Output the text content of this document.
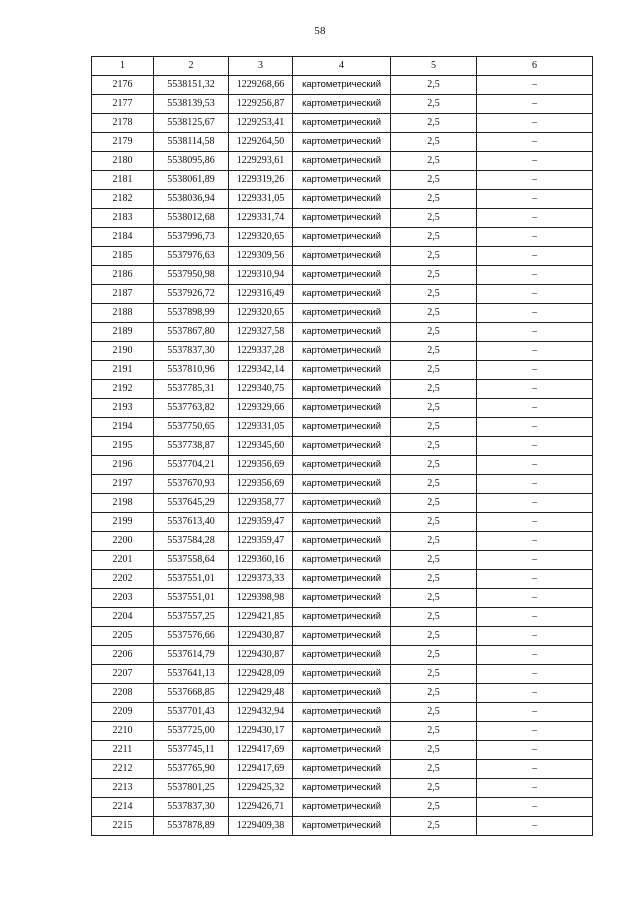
58
1	2	3	4	5	6
2176	5538151,32	1229268,66	картометрический	2,5	–
2177	5538139,53	1229256,87	картометрический	2,5	–
2178	5538125,67	1229253,41	картометрический	2,5	–
2179	5538114,58	1229264,50	картометрический	2,5	–
2180	5538095,86	1229293,61	картометрический	2,5	–
2181	5538061,89	1229319,26	картометрический	2,5	–
2182	5538036,94	1229331,05	картометрический	2,5	–
2183	5538012,68	1229331,74	картометрический	2,5	–
2184	5537996,73	1229320,65	картометрический	2,5	–
2185	5537976,63	1229309,56	картометрический	2,5	–
2186	5537950,98	1229310,94	картометрический	2,5	–
2187	5537926,72	1229316,49	картометрический	2,5	–
2188	5537898,99	1229320,65	картометрический	2,5	–
2189	5537867,80	1229327,58	картометрический	2,5	–
2190	5537837,30	1229337,28	картометрический	2,5	–
2191	5537810,96	1229342,14	картометрический	2,5	–
2192	5537785,31	1229340,75	картометрический	2,5	–
2193	5537763,82	1229329,66	картометрический	2,5	–
2194	5537750,65	1229331,05	картометрический	2,5	–
2195	5537738,87	1229345,60	картометрический	2,5	–
2196	5537704,21	1229356,69	картометрический	2,5	–
2197	5537670,93	1229356,69	картометрический	2,5	–
2198	5537645,29	1229358,77	картометрический	2,5	–
2199	5537613,40	1229359,47	картометрический	2,5	–
2200	5537584,28	1229359,47	картометрический	2,5	–
2201	5537558,64	1229360,16	картометрический	2,5	–
2202	5537551,01	1229373,33	картометрический	2,5	–
2203	5537551,01	1229398,98	картометрический	2,5	–
2204	5537557,25	1229421,85	картометрический	2,5	–
2205	5537576,66	1229430,87	картометрический	2,5	–
2206	5537614,79	1229430,87	картометрический	2,5	–
2207	5537641,13	1229428,09	картометрический	2,5	–
2208	5537668,85	1229429,48	картометрический	2,5	–
2209	5537701,43	1229432,94	картометрический	2,5	–
2210	5537725,00	1229430,17	картометрический	2,5	–
2211	5537745,11	1229417,69	картометрический	2,5	–
2212	5537765,90	1229417,69	картометрический	2,5	–
2213	5537801,25	1229425,32	картометрический	2,5	–
2214	5537837,30	1229426,71	картометрический	2,5	–
2215	5537878,89	1229409,38	картометрический	2,5	–
